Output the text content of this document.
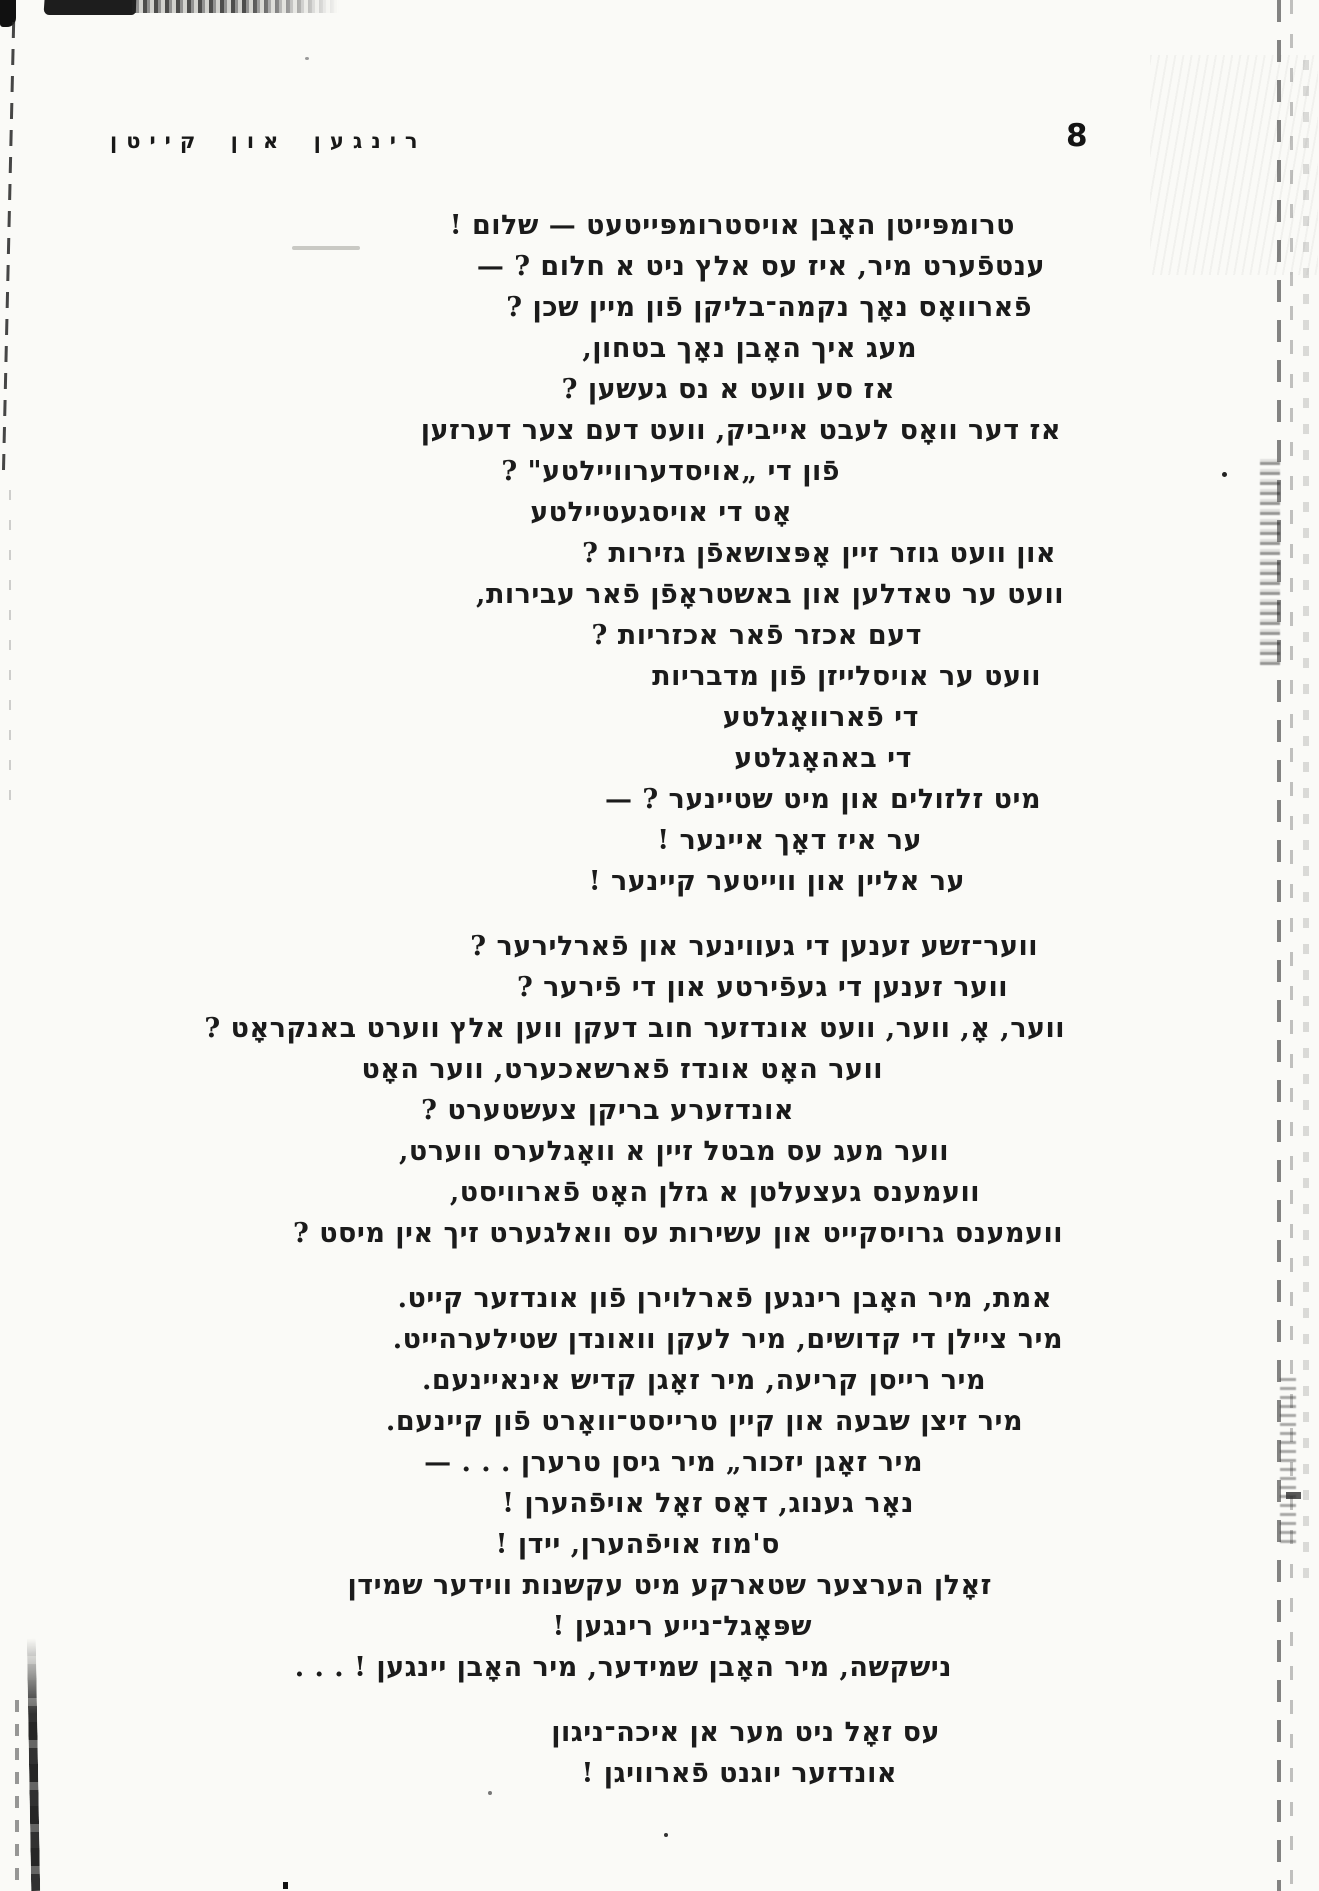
רינגען און קייטן	8
טרומפּייטן האָבן אויסטרומפּייטעט — שלום !
ענטפֿערט מיר, איז עס אלץ ניט א חלום ? —
פֿארוואָס נאָך נקמה־בליקן פֿון מיין שכן ?
מעג איך האָבן נאָך בטחון,
אז סע וועט א נס געשען ?
אז דער וואָס לעבט אייביק, וועט דעם צער דערזען
פֿון די „אויסדערוויילטע" ?
אָט די אויסגעטיילטע
און וועט גוזר זיין אָפּצושאפֿן גזירות ?
וועט ער טאדלען און באשטראָפֿן פֿאר עבירות,
דעם אכזר פֿאר אכזריות ?
וועט ער אויסלייזן פֿון מדבריות
די פֿארוואָגלטע
די באהאָגלטע
מיט זלזולים און מיט שטיינער ? —
ער איז דאָך איינער !
ער אליין און ווייטער קיינער !
ווער־זשע זענען די געווינער און פֿארלירער ?
ווער זענען די געפֿירטע און די פֿירער ?
ווער, אָ, ווער, וועט אונדזער חוב דעקן ווען אלץ ווערט באנקראָט ?
ווער האָט אונדז פֿארשאכערט, ווער האָט
אונדזערע בריקן צעשטערט ?
ווער מעג עס מבטל זיין א וואָגלערס ווערט,
וועמענס געצעלטן א גזלן האָט פֿארוויסט,
וועמענס גרויסקייט און עשירות עס וואלגערט זיך אין מיסט ?
אמת, מיר האָבן רינגען פֿארלוירן פֿון אונדזער קייט.
מיר ציילן די קדושים, מיר לעקן וואונדן שטילערהייט.
מיר רייסן קריעה, מיר זאָגן קדיש אינאיינעם.
מיר זיצן שבעה און קיין טרייסט־וואָרט פֿון קיינעם.
מיר זאָגן יזכור„ מיר גיסן טרערן . . . —
נאָר גענוג, דאָס זאָל אויפֿהערן !
ס'מוז אויפֿהערן, יידן !
זאָלן הערצער שטארקע מיט עקשנות ווידער שמידן
שפּאָגל־נייע רינגען !
נישקשה, מיר האָבן שמידער, מיר האָבן יינגען ! . . .
עס זאָל ניט מער אן איכה־ניגון
אונדזער יוגנט פֿארוויגן !
